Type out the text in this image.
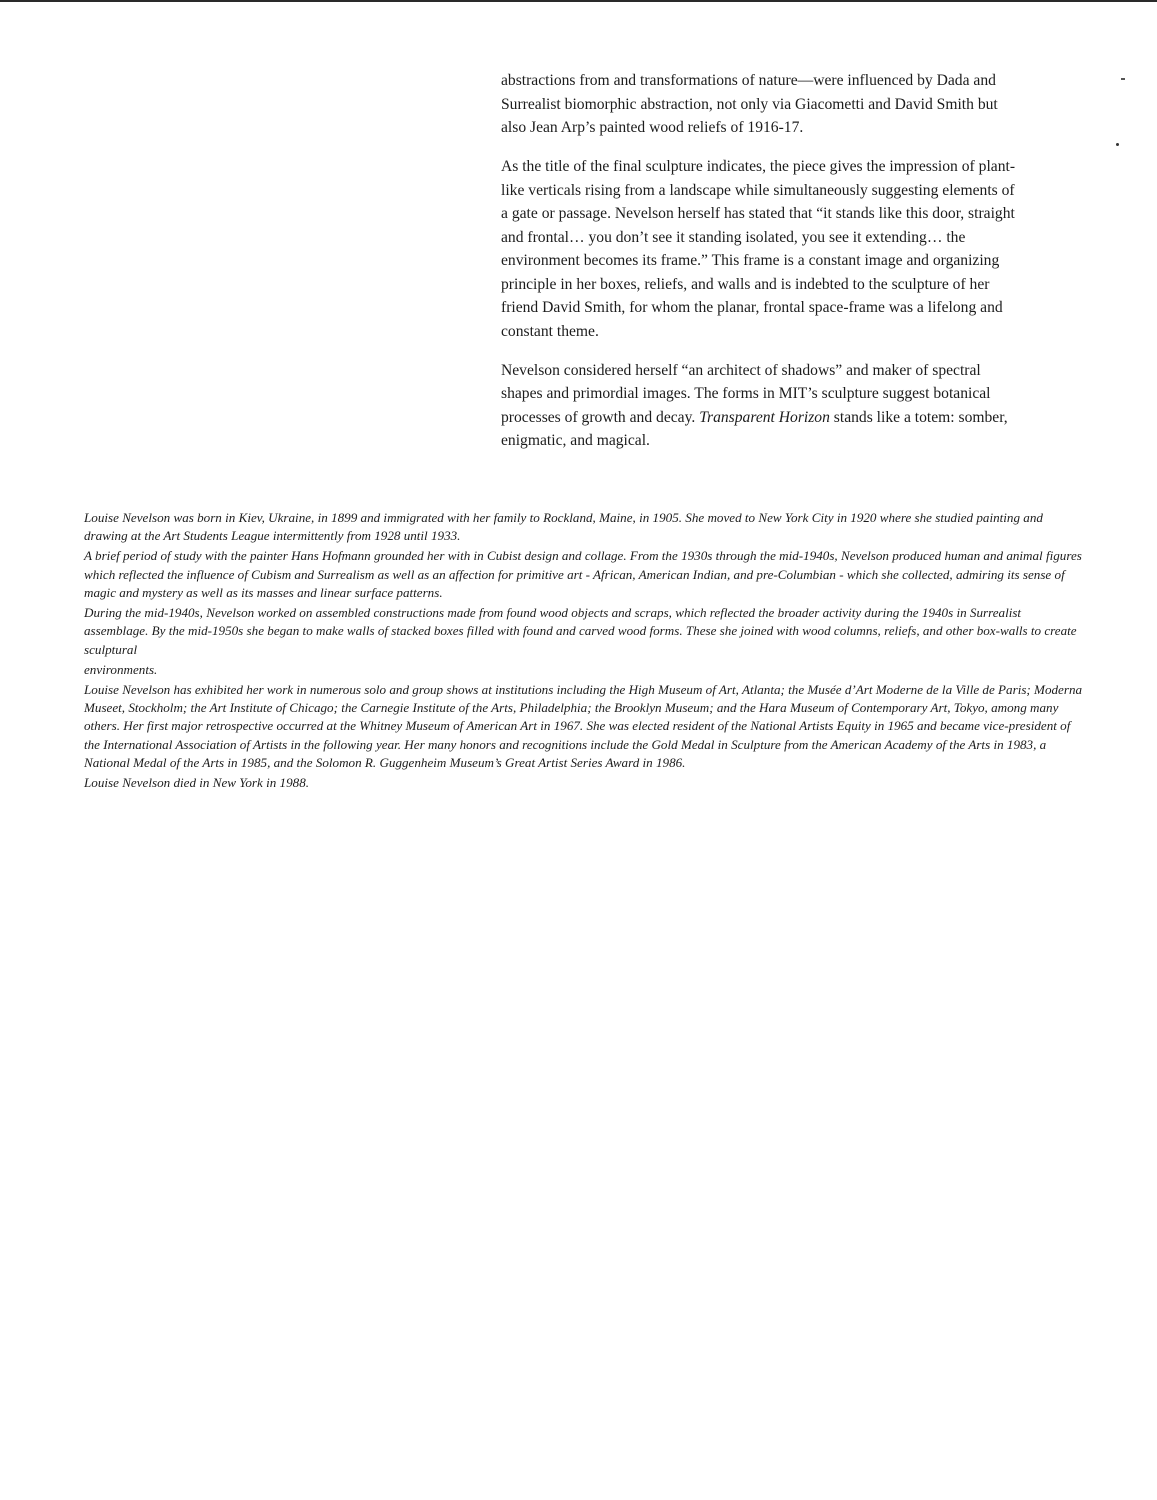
abstractions from and transformations of nature—were influenced by Dada and Surrealist biomorphic abstraction, not only via Giacometti and David Smith but also Jean Arp’s painted wood reliefs of 1916-17.

As the title of the final sculpture indicates, the piece gives the impression of plant-like verticals rising from a landscape while simultaneously suggesting elements of a gate or passage. Nevelson herself has stated that “it stands like this door, straight and frontal… you don’t see it standing isolated, you see it extending… the environment becomes its frame.” This frame is a constant image and organizing principle in her boxes, reliefs, and walls and is indebted to the sculpture of her friend David Smith, for whom the planar, frontal space-frame was a lifelong and constant theme.

Nevelson considered herself “an architect of shadows” and maker of spectral shapes and primordial images. The forms in MIT’s sculpture suggest botanical processes of growth and decay. Transparent Horizon stands like a totem: somber, enigmatic, and magical.

Louise Nevelson was born in Kiev, Ukraine, in 1899 and immigrated with her family to Rockland, Maine, in 1905. She moved to New York City in 1920 where she studied painting and drawing at the Art Students League intermittently from 1928 until 1933.

A brief period of study with the painter Hans Hofmann grounded her with in Cubist design and collage. From the 1930s through the mid-1940s, Nevelson produced human and animal figures which reflected the influence of Cubism and Surrealism as well as an affection for primitive art - African, American Indian, and pre-Columbian - which she collected, admiring its sense of magic and mystery as well as its masses and linear surface patterns.

During the mid-1940s, Nevelson worked on assembled constructions made from found wood objects and scraps, which reflected the broader activity during the 1940s in Surrealist assemblage. By the mid-1950s she began to make walls of stacked boxes filled with found and carved wood forms. These she joined with wood columns, reliefs, and other box-walls to create sculptural

environments.

Louise Nevelson has exhibited her work in numerous solo and group shows at institutions including the High Museum of Art, Atlanta; the Musée d’Art Moderne de la Ville de Paris; Moderna Museet, Stockholm; the Art Institute of Chicago; the Carnegie Institute of the Arts, Philadelphia; the Brooklyn Museum; and the Hara Museum of Contemporary Art, Tokyo, among many others. Her first major retrospective occurred at the Whitney Museum of American Art in 1967. She was elected resident of the National Artists Equity in 1965 and became vice-president of the International Association of Artists in the following year. Her many honors and recognitions include the Gold Medal in Sculpture from the American Academy of the Arts in 1983, a National Medal of the Arts in 1985, and the Solomon R. Guggenheim Museum’s Great Artist Series Award in 1986.

Louise Nevelson died in New York in 1988.
